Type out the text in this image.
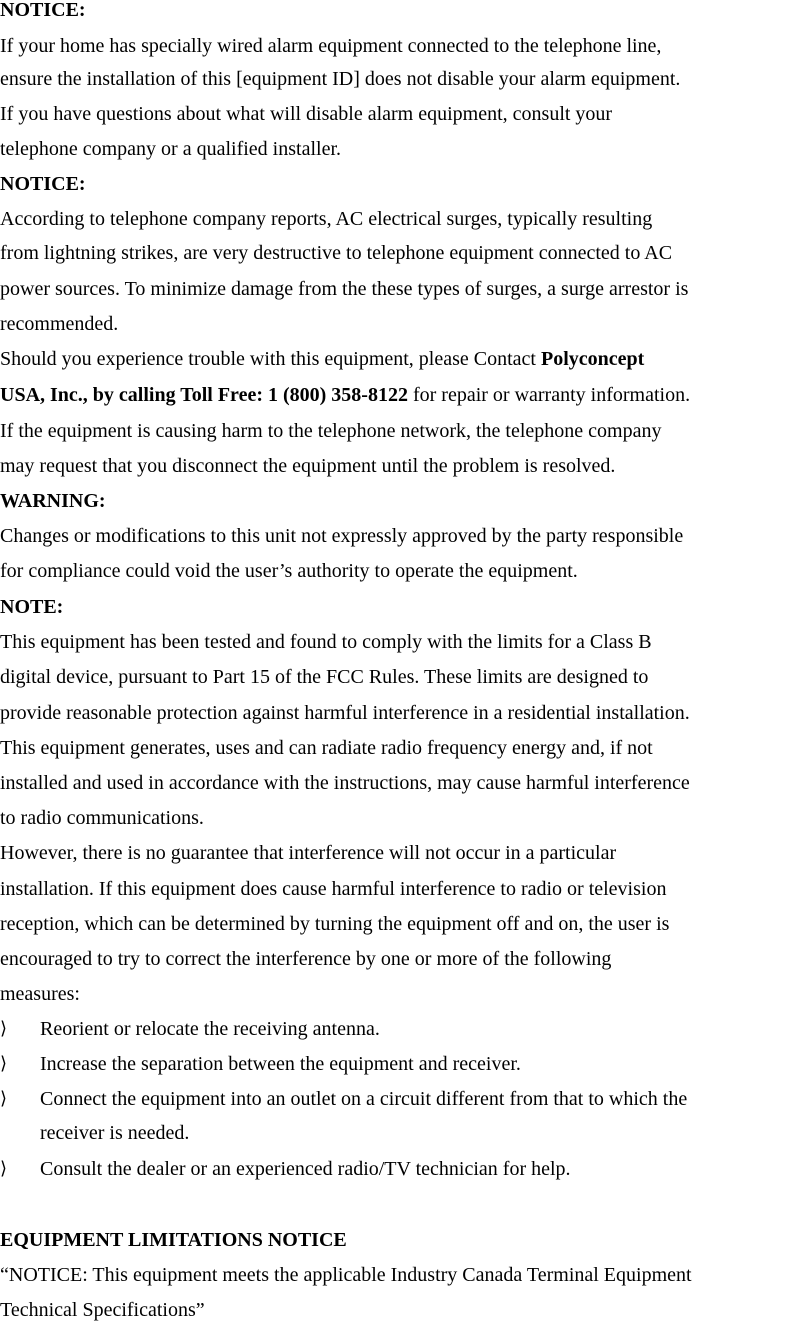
NOTICE:
If your home has specially wired alarm equipment connected to the telephone line,
ensure the installation of this [equipment ID] does not disable your alarm equipment.
If you have questions about what will disable alarm equipment, consult your
telephone company or a qualified installer.
NOTICE:
According to telephone company reports, AC electrical surges, typically resulting
from lightning strikes, are very destructive to telephone equipment connected to AC
power sources. To minimize damage from the these types of surges, a surge arrestor is
recommended.
Should you experience trouble with this equipment, please Contact Polyconcept
USA, Inc., by calling Toll Free: 1 (800) 358-8122 for repair or warranty information.
If the equipment is causing harm to the telephone network, the telephone company
may request that you disconnect the equipment until the problem is resolved.
WARNING:
Changes or modifications to this unit not expressly approved by the party responsible
for compliance could void the user’s authority to operate the equipment.
NOTE:
This equipment has been tested and found to comply with the limits for a Class B
digital device, pursuant to Part 15 of the FCC Rules. These limits are designed to
provide reasonable protection against harmful interference in a residential installation.
This equipment generates, uses and can radiate radio frequency energy and, if not
installed and used in accordance with the instructions, may cause harmful interference
to radio communications.
However, there is no guarantee that interference will not occur in a particular
installation. If this equipment does cause harmful interference to radio or television
reception, which can be determined by turning the equipment off and on, the user is
encouraged to try to correct the interference by one or more of the following
measures:
⟩	Reorient or relocate the receiving antenna.
⟩	Increase the separation between the equipment and receiver.
⟩	Connect the equipment into an outlet on a circuit different from that to which the
receiver is needed.
⟩	Consult the dealer or an experienced radio/TV technician for help.
EQUIPMENT LIMITATIONS NOTICE
“NOTICE: This equipment meets the applicable Industry Canada Terminal Equipment
Technical Specifications”
